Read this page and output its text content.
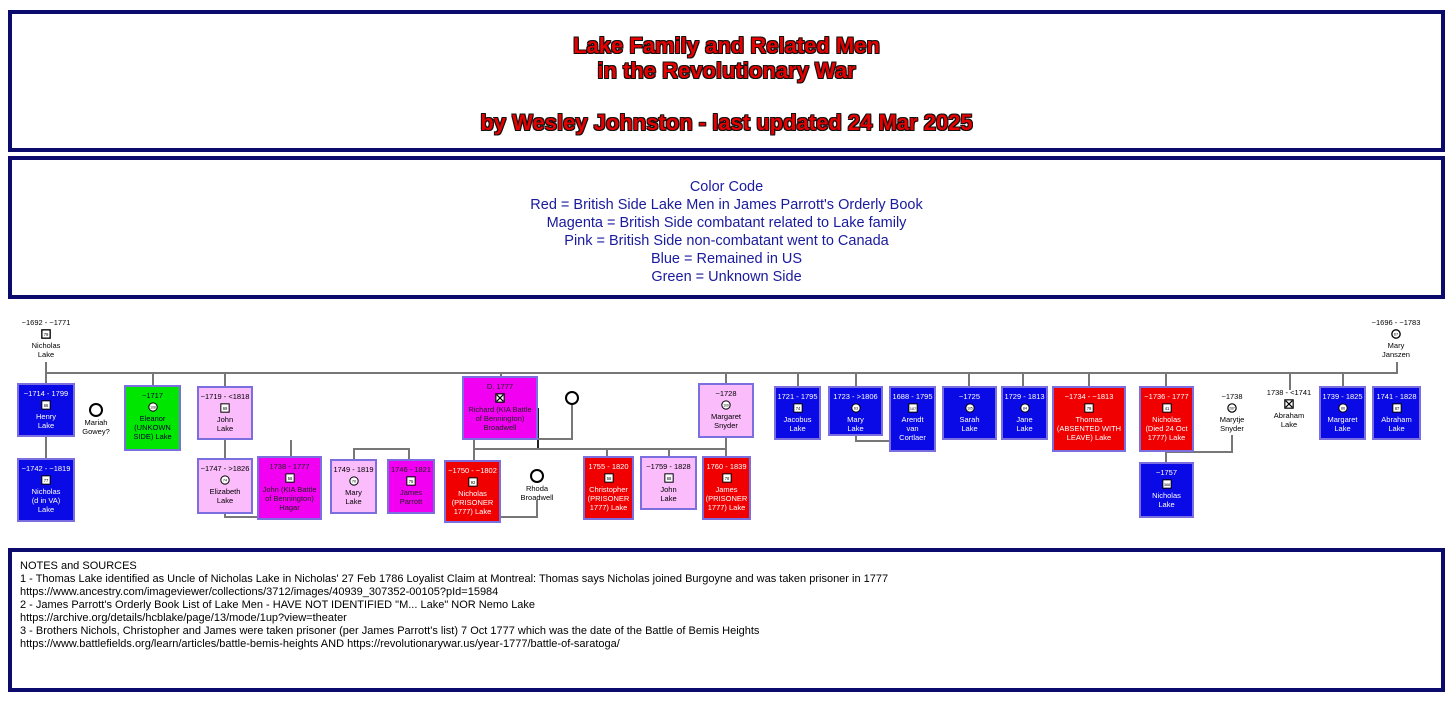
Lake Family and Related Men
in the Revolutionary War
by Wesley Johnston - last updated 24 Mar 2025
Color Code
Red = British Side Lake Men in James Parrott's Orderly Book
Magenta = British Side combatant related to Lake family
Pink = British Side non-combatant went to Canada
Blue = Remained in US
Green = Unknown Side
~1692 - ~1771
79
Nicholas
Lake
~1696 - ~1783
67
Mary
Janszen
~1714 - 1799
66
Henry
Lake	Mariah
Gowey?
~1742 - ~1819
77
Nicholas
(d in VA)
Lake
~1717
108
Eleanor
(UNKOWN
SIDE) Lake
~1719 - <1818
69
John
Lake
~1747 - >1826
74
Elizabeth
Lake
1738 - 1777
58
John (KIA Battle
of Bennington)
Hagar
1749 - 1819
70
Mary
Lake
1746 - 1821
75
James
Parrott
D. 1777
Richard (KIA Battle
of Bennington)
Broadwell
~1750 - ~1802
92
Nicholas
(PRISONER
1777) Lake
Rhoda
Broadwell
1755 - 1820
56
Christopher
(PRISONER
1777) Lake
~1759 - 1828
68
John
Lake
~1728
109
Margaret
Snyder
1760 - 1839
78
James
(PRISONER
1777) Lake
1721 - 1795
74
Jacobus
Lake
1723 - >1806
63
Mary
Lake
1688 - 1795
107
Arendt
van
Cortlaer
~1725
105
Sarah
Lake
1729 - 1813
84
Jane
Lake
~1734 - ~1813
79
Thomas
(ABSENTED WITH
LEAVE) Lake
~1736 - 1777
41
Nicholas
(Died 24 Oct
1777) Lake
~1738
287
Marytje
Snyder
~1757
368
Nicholas
Lake
1738 - <1741
Abraham
Lake
1739 - 1825
86
Margaret
Lake
1741 - 1828
87
Abraham
Lake
NOTES and SOURCES
1 - Thomas Lake identified as Uncle of Nicholas Lake in Nicholas' 27 Feb 1786 Loyalist Claim at Montreal: Thomas says Nicholas joined Burgoyne and was taken prisoner in 1777
https://www.ancestry.com/imageviewer/collections/3712/images/40939_307352-00105?pId=15984
2 - James Parrott's Orderly Book List of Lake Men - HAVE NOT IDENTIFIED "M... Lake" NOR Nemo Lake
https://archive.org/details/hcblake/page/13/mode/1up?view=theater
3 - Brothers Nichols, Christopher and James were taken prisoner (per James Parrott's list) 7 Oct 1777 which was the date of the Battle of Bemis Heights
https://www.battlefields.org/learn/articles/battle-bemis-heights AND https://revolutionarywar.us/year-1777/battle-of-saratoga/
